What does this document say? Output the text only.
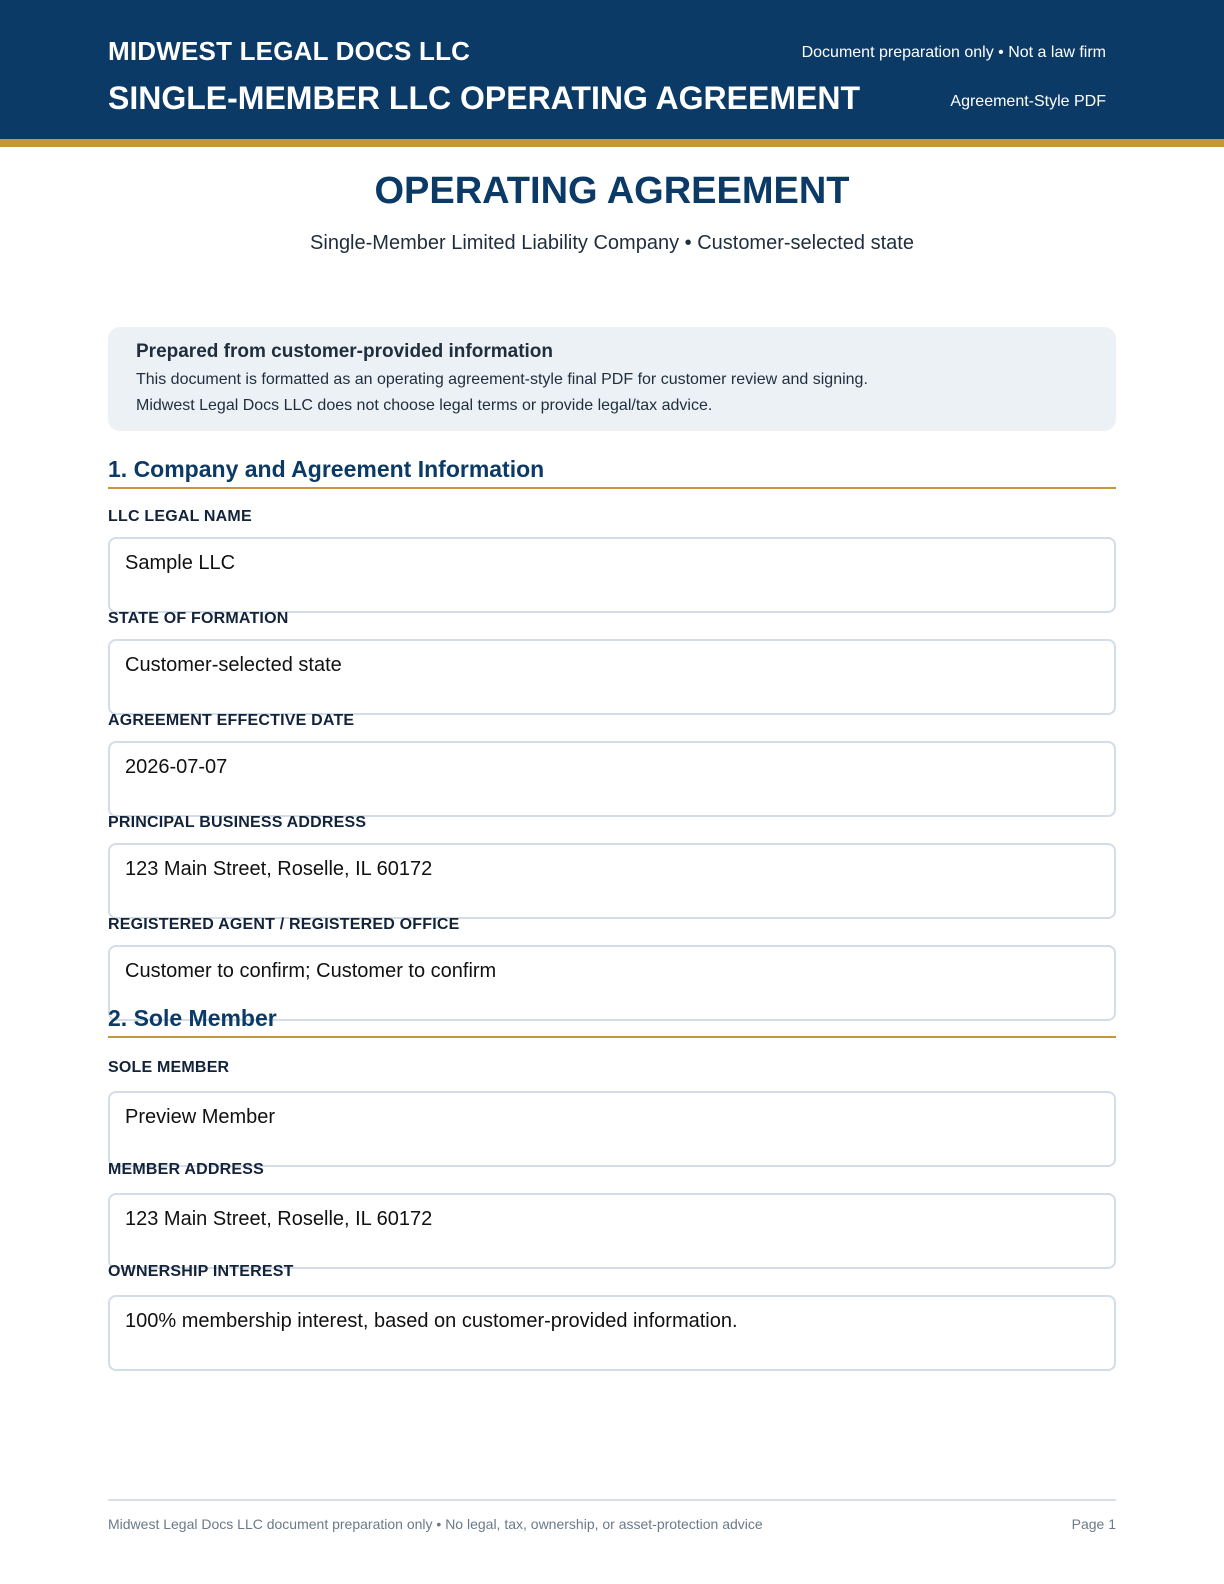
MIDWEST LEGAL DOCS LLC
SINGLE-MEMBER LLC OPERATING AGREEMENT
Document preparation only • Not a law firm
Agreement-Style PDF
OPERATING AGREEMENT
Single-Member Limited Liability Company • Customer-selected state
Prepared from customer-provided information
This document is formatted as an operating agreement-style final PDF for customer review and signing.
Midwest Legal Docs LLC does not choose legal terms or provide legal/tax advice.
1. Company and Agreement Information
LLC LEGAL NAME
Sample LLC
STATE OF FORMATION
Customer-selected state
AGREEMENT EFFECTIVE DATE
2026-07-07
PRINCIPAL BUSINESS ADDRESS
123 Main Street, Roselle, IL 60172
REGISTERED AGENT / REGISTERED OFFICE
Customer to confirm; Customer to confirm
2. Sole Member
SOLE MEMBER
Preview Member
MEMBER ADDRESS
123 Main Street, Roselle, IL 60172
OWNERSHIP INTEREST
100% membership interest, based on customer-provided information.
Midwest Legal Docs LLC document preparation only • No legal, tax, ownership, or asset-protection advice	Page 1
